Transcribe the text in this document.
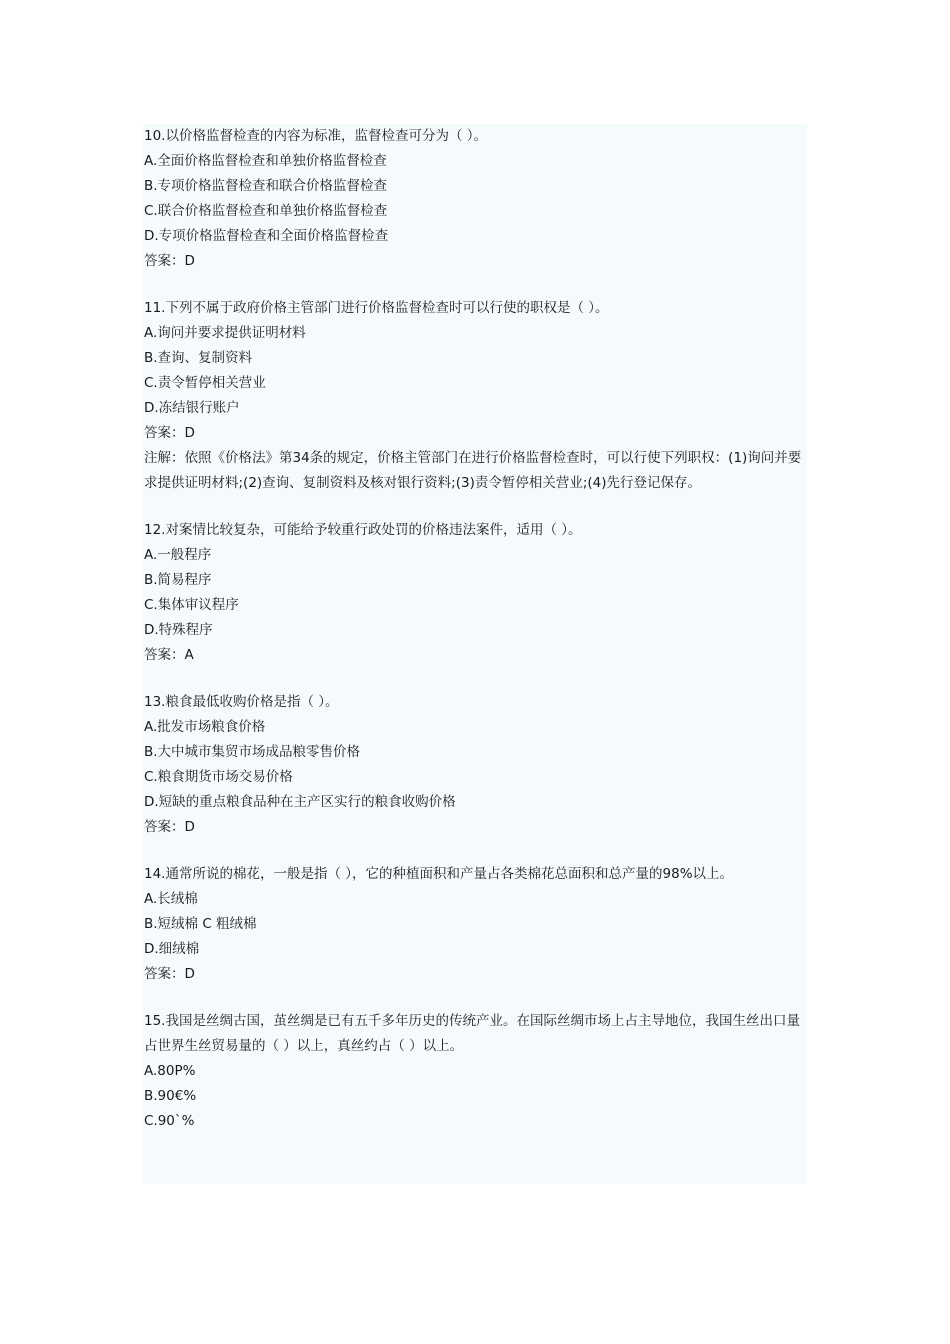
10.以价格监督检查的内容为标准，监督检查可分为（ ）。
A.全面价格监督检查和单独价格监督检查
B.专项价格监督检查和联合价格监督检查
C.联合价格监督检查和单独价格监督检查
D.专项价格监督检查和全面价格监督检查
答案：D
11.下列不属于政府价格主管部门进行价格监督检查时可以行使的职权是（ ）。
A.询问并要求提供证明材料
B.查询、复制资料
C.责令暂停相关营业
D.冻结银行账户
答案：D
注解：依照《价格法》第34条的规定，价格主管部门在进行价格监督检查时，可以行使下列职权：(1)询问并要求提供证明材料;(2)查询、复制资料及核对银行资料;(3)责令暂停相关营业;(4)先行登记保存。
12.对案情比较复杂，可能给予较重行政处罚的价格违法案件，适用（ ）。
A.一般程序
B.简易程序
C.集体审议程序
D.特殊程序
答案：A
13.粮食最低收购价格是指（ ）。
A.批发市场粮食价格
B.大中城市集贸市场成品粮零售价格
C.粮食期货市场交易价格
D.短缺的重点粮食品种在主产区实行的粮食收购价格
答案：D
14.通常所说的棉花，一般是指（ ），它的种植面积和产量占各类棉花总面积和总产量的98%以上。
A.长绒棉
B.短绒棉 C 粗绒棉
D.细绒棉
答案：D
15.我国是丝绸古国，茧丝绸是已有五千多年历史的传统产业。在国际丝绸市场上占主导地位，我国生丝出口量占世界生丝贸易量的（ ）以上，真丝约占（ ）以上。
A.80P%
B.90€%
C.90`%
